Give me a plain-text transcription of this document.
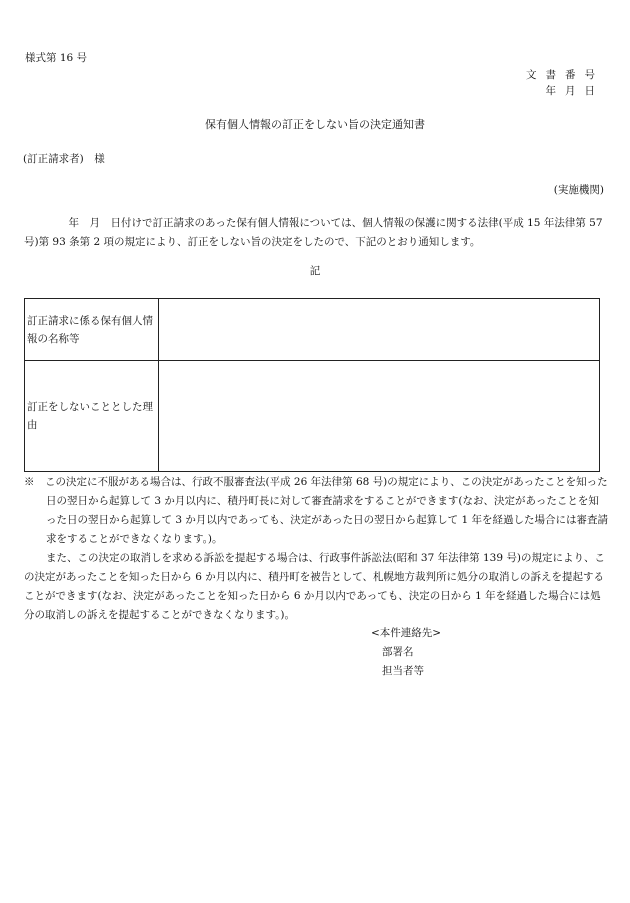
様式第 16 号
文書番号
年月日
保有個人情報の訂正をしない旨の決定通知書
(訂正請求者)　様
(実施機関)

　年　月　日付けで訂正請求のあった保有個人情報については、個人情報の保護に関する法律(平成 15 年法律第 57 号)第 93 条第 2 項の規定により、訂正をしない旨の決定をしたので、下記のとおり通知します。

記
訂正請求に係る保有個人情報の名称等	
訂正をしないこととした理由	

※　この決定に不服がある場合は、行政不服審査法(平成 26 年法律第 68 号)の規定により、この決定があったことを知った日の翌日から起算して 3 か月以内に、積丹町長に対して審査請求をすることができます(なお、決定があったことを知った日の翌日から起算して 3 か月以内であっても、決定があった日の翌日から起算して 1 年を経過した場合には審査請求をすることができなくなります。)。

また、この決定の取消しを求める訴訟を提起する場合は、行政事件訴訟法(昭和 37 年法律第 139 号)の規定により、この決定があったことを知った日から 6 か月以内に、積丹町を被告として、札幌地方裁判所に処分の取消しの訴えを提起することができます(なお、決定があったことを知った日から 6 か月以内であっても、決定の日から 1 年を経過した場合には処分の取消しの訴えを提起することができなくなります。)。

<本件連絡先>
部署名
担当者等
